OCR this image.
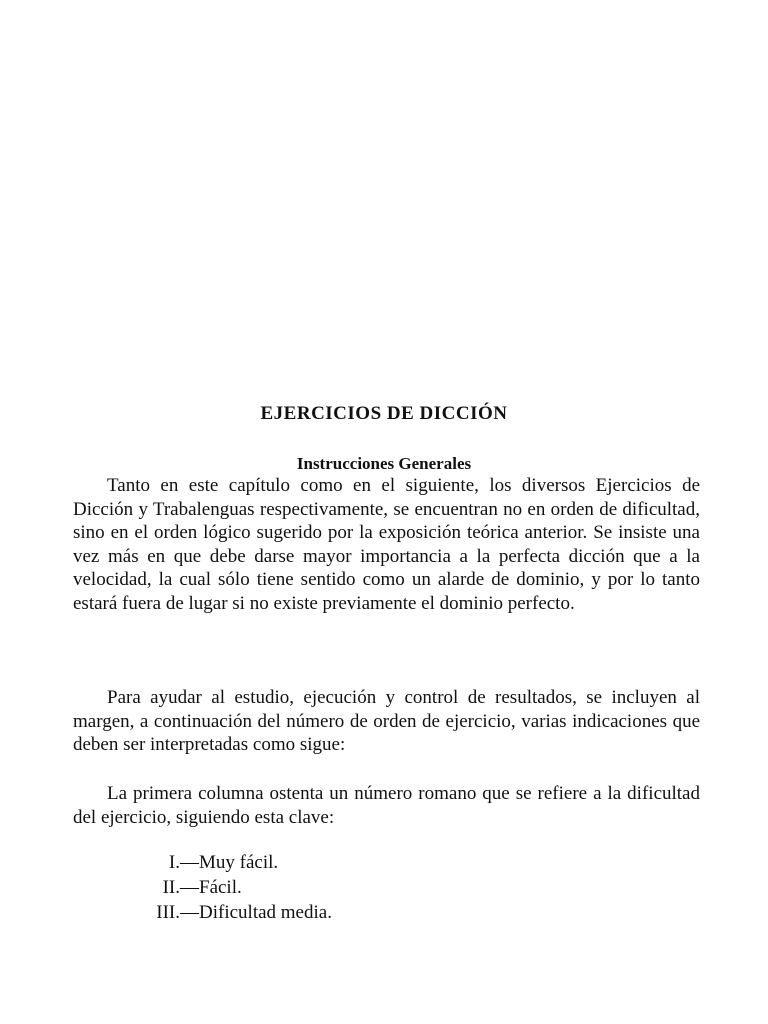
EJERCICIOS DE DICCIÓN
Instrucciones Generales

Tanto en este capítulo como en el siguiente, los diversos Ejercicios de Dicción y Trabalenguas respectivamente, se encuentran no en orden de dificultad, sino en el orden lógico sugerido por la exposición teórica anterior. Se insiste una vez más en que debe darse mayor importancia a la perfecta dicción que a la velocidad, la cual sólo tiene sentido como un alarde de dominio, y por lo tanto estará fuera de lugar si no existe previamente el dominio perfecto.

Para ayudar al estudio, ejecución y control de resultados, se incluyen al margen, a continuación del número de orden de ejercicio, varias indicaciones que deben ser interpretadas como sigue:

La primera columna ostenta un número romano que se refiere a la dificultad del ejercicio, siguiendo esta clave:

I. —Muy fácil.
II. —Fácil.
III. —Dificultad media.
